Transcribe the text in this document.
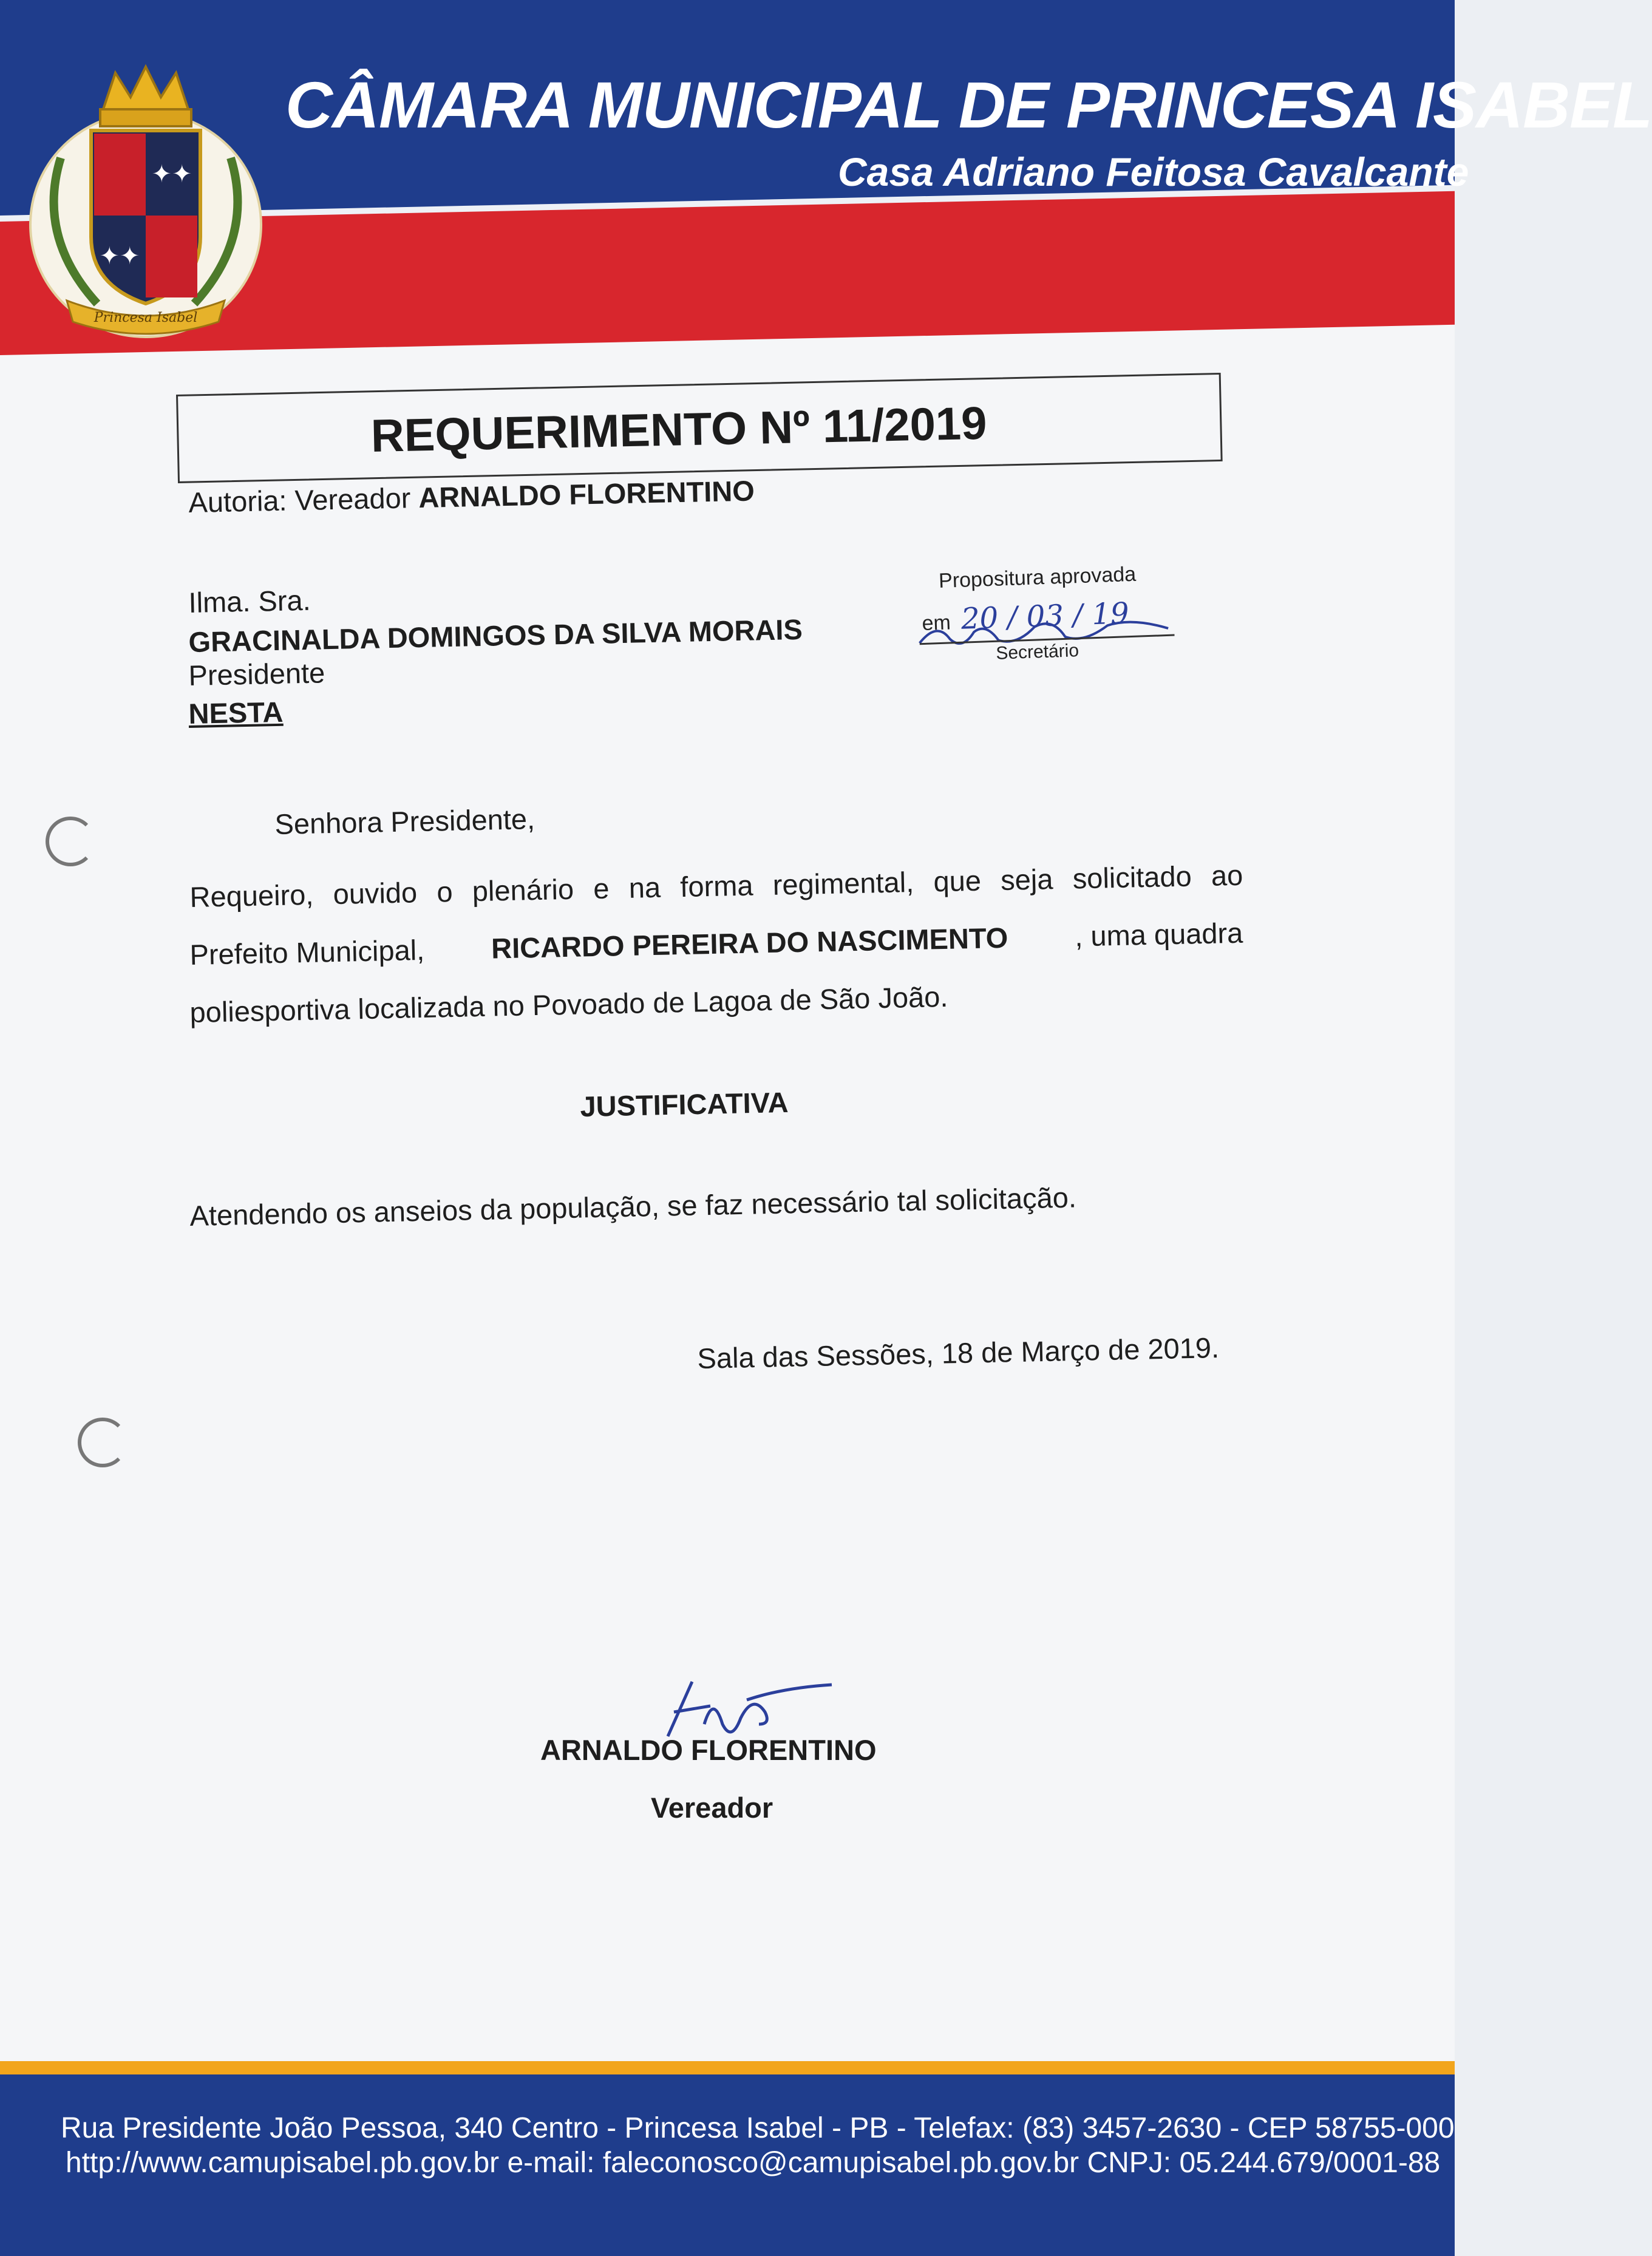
✦✦
✦✦
Princesa Isabel
CÂMARA MUNICIPAL DE PRINCESA ISABEL
Casa Adriano Feitosa Cavalcante
REQUERIMENTO Nº 11/2019
Autoria: Vereador ARNALDO FLORENTINO
Ilma. Sra.
GRACINALDA DOMINGOS DA SILVA MORAIS
Presidente
NESTA
Propositura aprovada
em 20 / 03 / 19
Secretário
Senhora Presidente,
Requeiro, ouvido o plenário e na forma regimental, que seja solicitado ao
Prefeito Municipal, RICARDO PEREIRA DO NASCIMENTO , uma quadra
poliesportiva localizada no Povoado de Lagoa de São João.
JUSTIFICATIVA
Atendendo os anseios da população, se faz necessário tal solicitação.
Sala das Sessões, 18 de Março de 2019.
ARNALDO FLORENTINO
Vereador
Rua Presidente João Pessoa, 340 Centro - Princesa Isabel - PB - Telefax: (83) 3457-2630 - CEP 58755-000
http://www.camupisabel.pb.gov.br e-mail: faleconosco@camupisabel.pb.gov.br CNPJ: 05.244.679/0001-88
